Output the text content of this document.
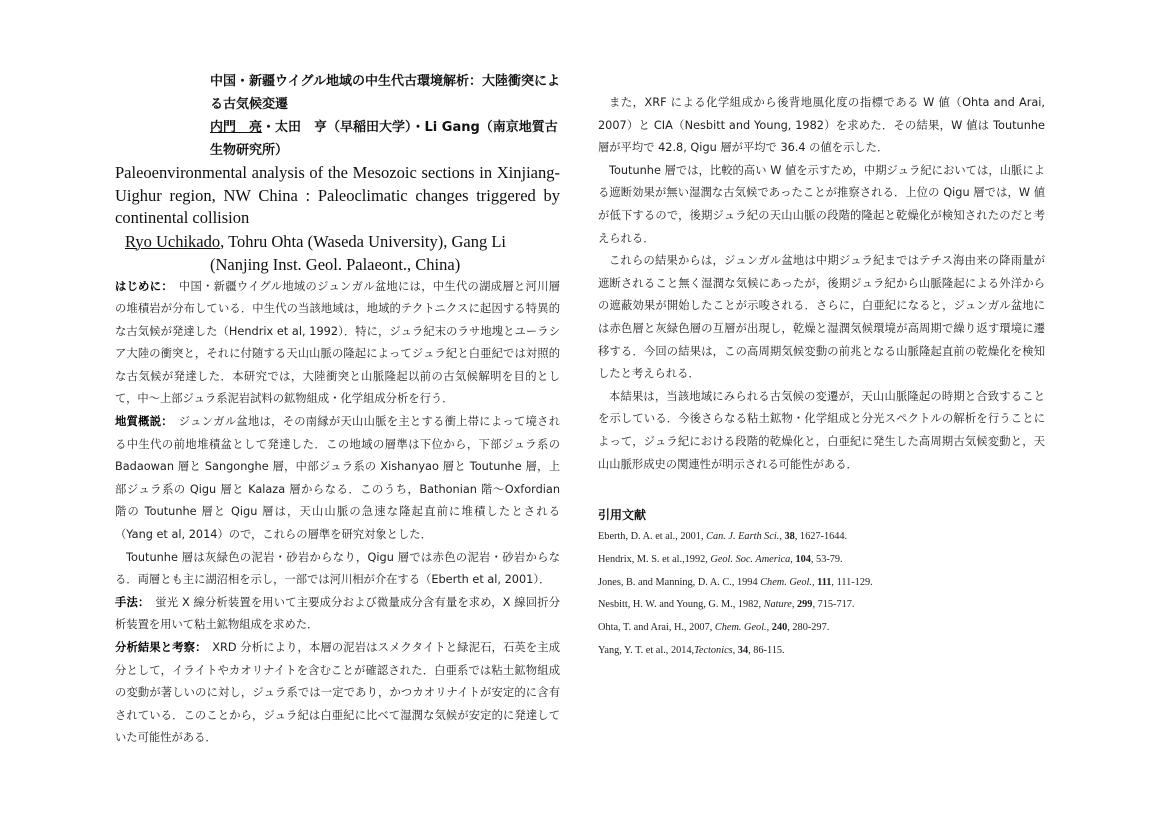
中国・新疆ウイグル地域の中生代古環境解析：大陸衝突による古気候変遷
内門　亮・太田　亨（早稲田大学）・Li Gang（南京地質古生物研究所）
Paleoenvironmental analysis of the Mesozoic sections in Xinjiang-Uighur region, NW China : Paleoclimatic changes triggered by continental collision
Ryo Uchikado, Tohru Ohta (Waseda University), Gang Li
(Nanjing Inst. Geol. Palaeont., China)

はじめに：　中国・新疆ウイグル地域のジュンガル盆地には，中生代の湖成層と河川層の堆積岩が分布している．中生代の当該地域は，地域的テクトニクスに起因する特異的な古気候が発達した（Hendrix et al, 1992）．特に，ジュラ紀末のラサ地塊とユーラシア大陸の衝突と，それに付随する天山山脈の隆起によってジュラ紀と白亜紀では対照的な古気候が発達した．本研究では，大陸衝突と山脈隆起以前の古気候解明を目的として，中～上部ジュラ系泥岩試料の鉱物組成・化学組成分析を行う．

地質概説：　ジュンガル盆地は，その南縁が天山山脈を主とする衝上帯によって境される中生代の前地堆積盆として発達した．この地域の層準は下位から，下部ジュラ系の Badaowan 層と Sangonghe 層，中部ジュラ系の Xishanyao 層と Toutunhe 層，上部ジュラ系の Qigu 層と Kalaza 層からなる．このうち，Bathonian 階～Oxfordian 階の Toutunhe 層と Qigu 層は，天山山脈の急速な隆起直前に堆積したとされる（Yang et al, 2014）ので，これらの層準を研究対象とした．

Toutunhe 層は灰緑色の泥岩・砂岩からなり，Qigu 層では赤色の泥岩・砂岩からなる．両層とも主に湖沼相を示し，一部では河川相が介在する（Eberth et al, 2001）．

手法：　蛍光 X 線分析装置を用いて主要成分および微量成分含有量を求め，X 線回折分析装置を用いて粘土鉱物組成を求めた．

分析結果と考察：　XRD 分析により，本層の泥岩はスメクタイトと緑泥石，石英を主成分として，イライトやカオリナイトを含むことが確認された．白亜系では粘土鉱物組成の変動が著しいのに対し，ジュラ系では一定であり，かつカオリナイトが安定的に含有されている．このことから，ジュラ紀は白亜紀に比べて湿潤な気候が安定的に発達していた可能性がある．

また，XRF による化学組成から後背地風化度の指標である W 値（Ohta and Arai, 2007）と CIA（Nesbitt and Young, 1982）を求めた．その結果，W 値は Toutunhe 層が平均で 42.8, Qigu 層が平均で 36.4 の値を示した．

Toutunhe 層では，比較的高い W 値を示すため，中期ジュラ紀においては，山脈による遮断効果が無い湿潤な古気候であったことが推察される．上位の Qigu 層では，W 値が低下するので，後期ジュラ紀の天山山脈の段階的隆起と乾燥化が検知されたのだと考えられる．

これらの結果からは，ジュンガル盆地は中期ジュラ紀まではテチス海由来の降雨量が遮断されること無く湿潤な気候にあったが，後期ジュラ紀から山脈隆起による外洋からの遮蔽効果が開始したことが示唆される．さらに，白亜紀になると，ジュンガル盆地には赤色層と灰緑色層の互層が出現し，乾燥と湿潤気候環境が高周期で繰り返す環境に遷移する．今回の結果は，この高周期気候変動の前兆となる山脈隆起直前の乾燥化を検知したと考えられる．

本結果は，当該地域にみられる古気候の変遷が，天山山脈隆起の時期と合致することを示している．今後さらなる粘土鉱物・化学組成と分光スペクトルの解析を行うことによって，ジュラ紀における段階的乾燥化と，白亜紀に発生した高周期古気候変動と，天山山脈形成史の関連性が明示される可能性がある．

引用文献
Eberth, D. A. et al., 2001, Can. J. Earth Sci., 38, 1627-1644.
Hendrix, M. S. et al.,1992, Geol. Soc. America, 104, 53-79.
Jones, B. and Manning, D. A. C., 1994 Chem. Geol., 111, 111-129.
Nesbitt, H. W. and Young, G. M., 1982, Nature, 299, 715-717.
Ohta, T. and Arai, H., 2007, Chem. Geol., 240, 280-297.
Yang, Y. T. et al., 2014,Tectonics, 34, 86-115.
